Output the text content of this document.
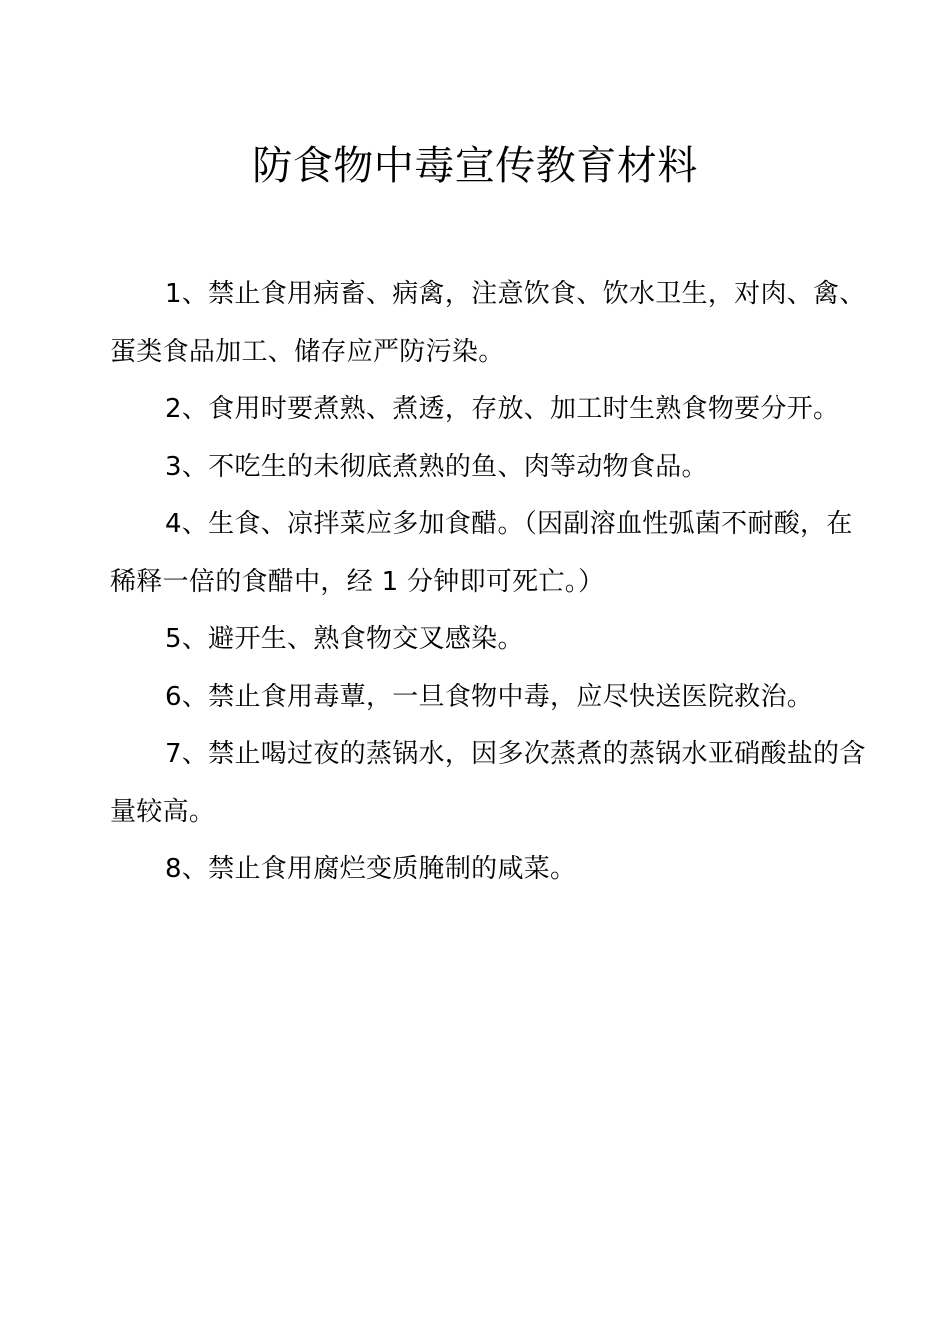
防食物中毒宣传教育材料

1、禁止食用病畜、病禽，注意饮食、饮水卫生，对肉、禽、蛋类食品加工、储存应严防污染。

2、食用时要煮熟、煮透，存放、加工时生熟食物要分开。

3、不吃生的未彻底煮熟的鱼、肉等动物食品。

4、生食、凉拌菜应多加食醋。（因副溶血性弧菌不耐酸，在稀释一倍的食醋中，经 1 分钟即可死亡。）

5、避开生、熟食物交叉感染。

6、禁止食用毒蕈，一旦食物中毒，应尽快送医院救治。

7、禁止喝过夜的蒸锅水，因多次蒸煮的蒸锅水亚硝酸盐的含量较高。

8、禁止食用腐烂变质腌制的咸菜。
